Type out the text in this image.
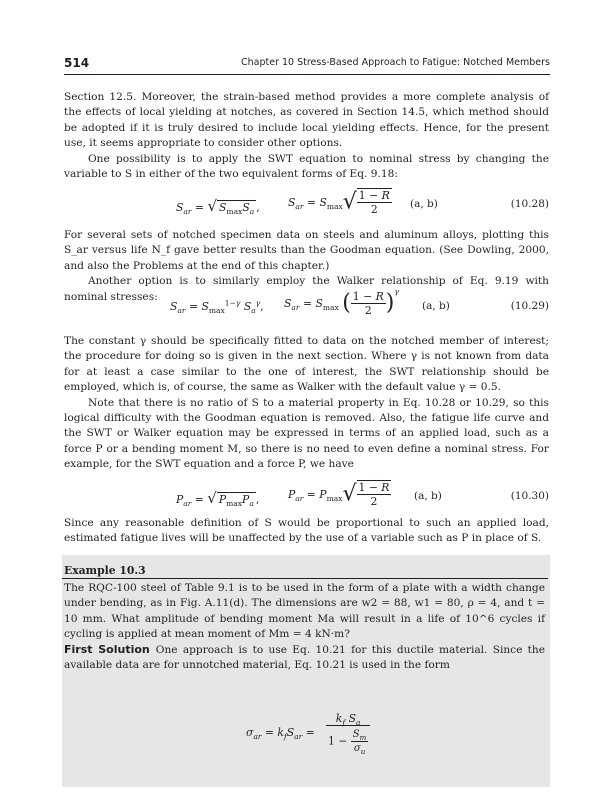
514	Chapter 10 Stress-Based Approach to Fatigue: Notched Members

Section 12.5. Moreover, the strain-based method provides a more complete analysis of the effects of local yielding at notches, as covered in Section 14.5, which method should be adopted if it is truly desired to include local yielding effects. Hence, for the present use, it seems appropriate to consider other options.

One possibility is to apply the SWT equation to nominal stress by changing the variable to S in either of the two equivalent forms of Eq. 9.18:

$S_{ar}$ = √ $S_{max}S_a$ ,	$S_{ar} = S_{max}√ \frac{1 - R}{2} (a$, b)	(10.28)

For several sets of notched specimen data on steels and aluminum alloys, plotting this S_ar versus life N_f gave better results than the Goodman equation. (See Dowling, 2000, and also the Problems at the end of this chapter.)

Another option is to similarly employ the Walker relationship of Eq. 9.19 with nominal stresses:

$S_{ar} = S_{max}^{1-\gamma}$ $S_a^\gamma$, $S_{ar} = S_{max}$ ( $\frac{1 - R}{2} )^\gamma$
(a, b)	(10.29)

The constant γ should be specifically fitted to data on the notched member of interest; the procedure for doing so is given in the next section. Where γ is not known from data for at least a case similar to the one of interest, the SWT relationship should be employed, which is, of course, the same as Walker with the default value γ = 0.5.

Note that there is no ratio of S to a material property in Eq. 10.28 or 10.29, so this logical difficulty with the Goodman equation is removed. Also, the fatigue life curve and the SWT or Walker equation may be expressed in terms of an applied load, such as a force P or a bending moment M, so there is no need to even define a nominal stress. For example, for the SWT equation and a force P, we have

$P_{ar}$ = √ $P_{max}P_a$ ,	$P_{ar} = P_{max}√ \frac{1 - R}{2} (a$, b)	(10.30)

Since any reasonable definition of S would be proportional to such an applied load, estimated fatigue lives will be unaffected by the use of a variable such as P in place of S.

Example 10.3

The RQC-100 steel of Table 9.1 is to be used in the form of a plate with a width change under bending, as in Fig. A.11(d). The dimensions are w2 = 88, w1 = 80, ρ = 4, and t = 10 mm. What amplitude of bending moment Ma will result in a life of 10^6 cycles if cycling is applied at mean moment of Mm = 4 kN·m?

First Solution One approach is to use Eq. 10.21 for this ductile material. Since the available data are for unnotched material, Eq. 10.21 is used in the form

$\sigma_{ar} = k_fS_{ar} = \frac{k_f S_a}{1 - \frac{S_m}{\sigma_u}}$
